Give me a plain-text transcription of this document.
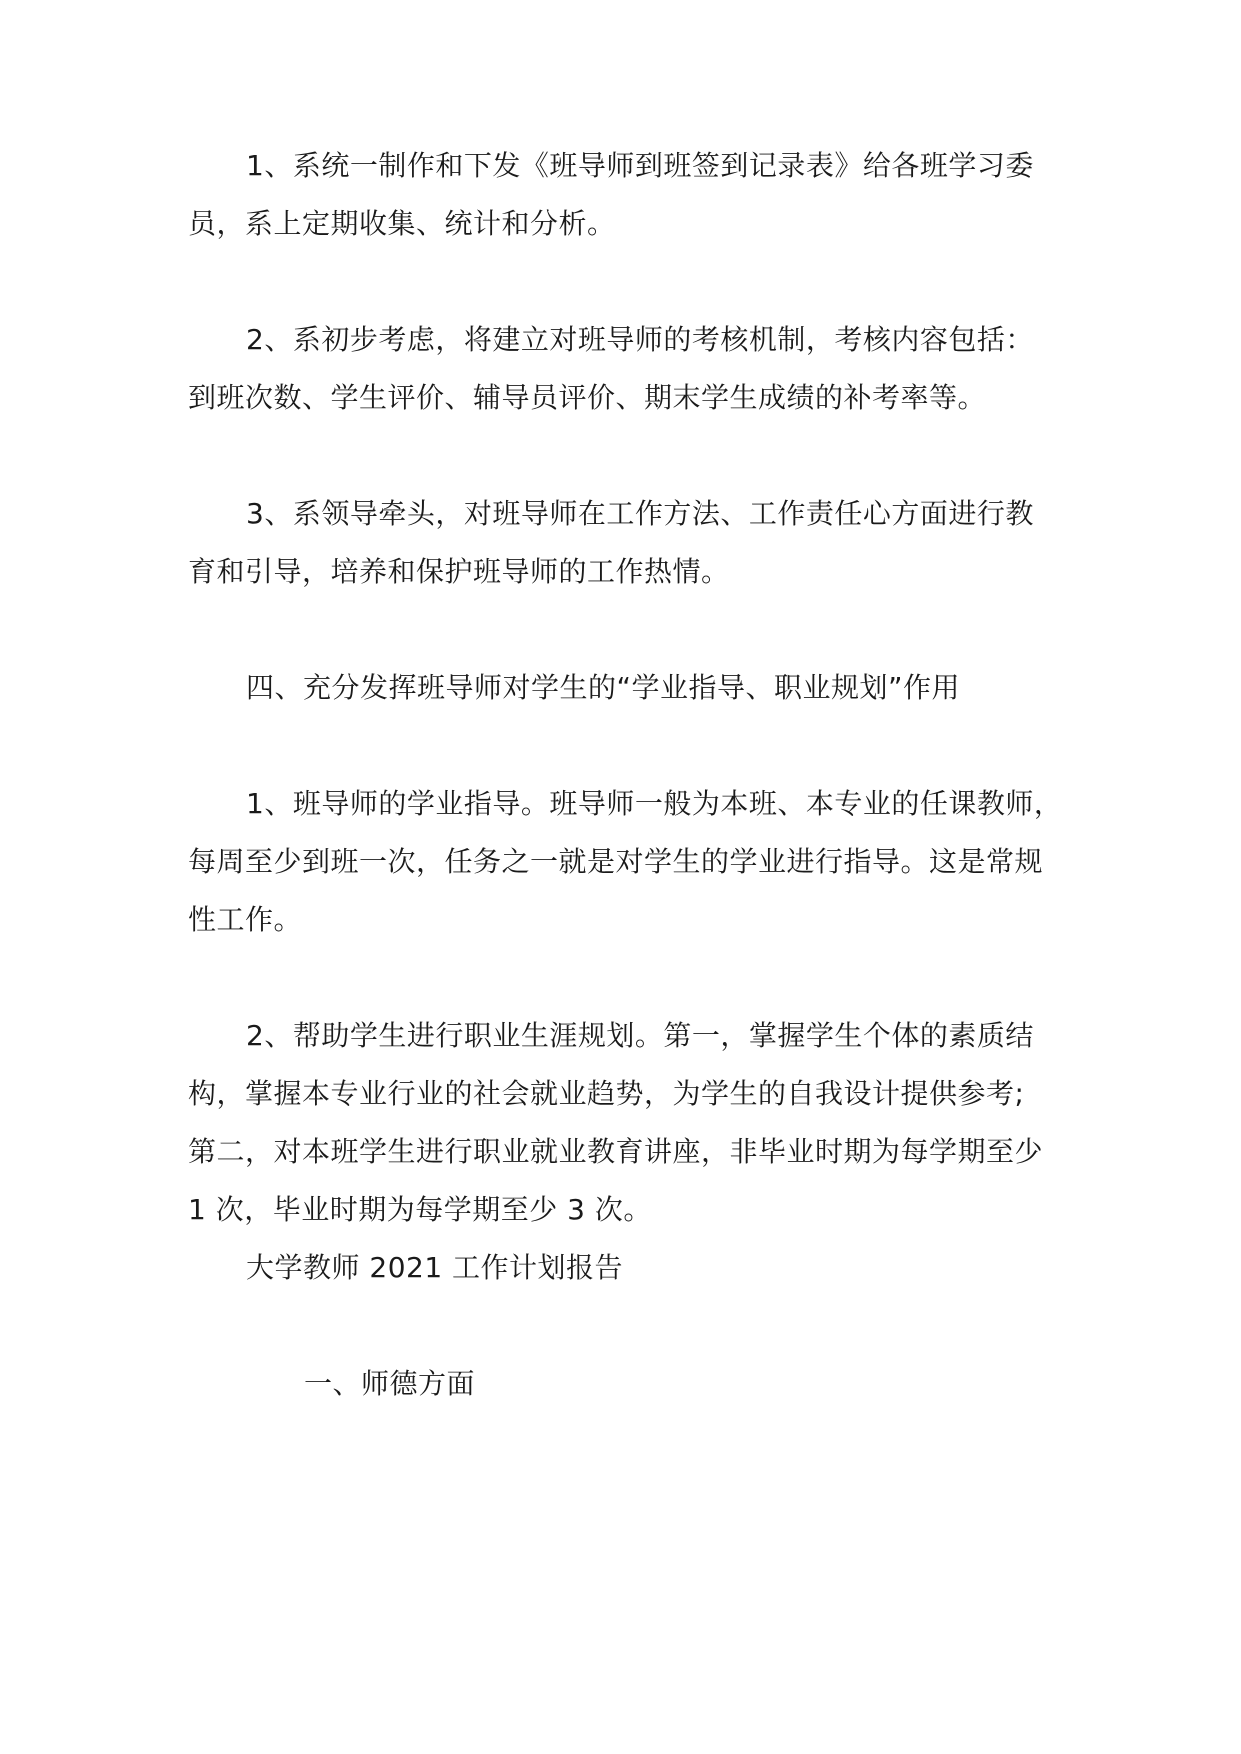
1、系统一制作和下发《班导师到班签到记录表》给各班学习委
员，系上定期收集、统计和分析。
2、系初步考虑，将建立对班导师的考核机制，考核内容包括：
到班次数、学生评价、辅导员评价、期末学生成绩的补考率等。
3、系领导牵头，对班导师在工作方法、工作责任心方面进行教
育和引导，培养和保护班导师的工作热情。
四、充分发挥班导师对学生的“学业指导、职业规划”作用
1、班导师的学业指导。班导师一般为本班、本专业的任课教师，
每周至少到班一次，任务之一就是对学生的学业进行指导。这是常规
性工作。
2、帮助学生进行职业生涯规划。第一，掌握学生个体的素质结
构，掌握本专业行业的社会就业趋势，为学生的自我设计提供参考;
第二，对本班学生进行职业就业教育讲座，非毕业时期为每学期至少
1 次，毕业时期为每学期至少 3 次。
大学教师 2021 工作计划报告
一、师德方面
